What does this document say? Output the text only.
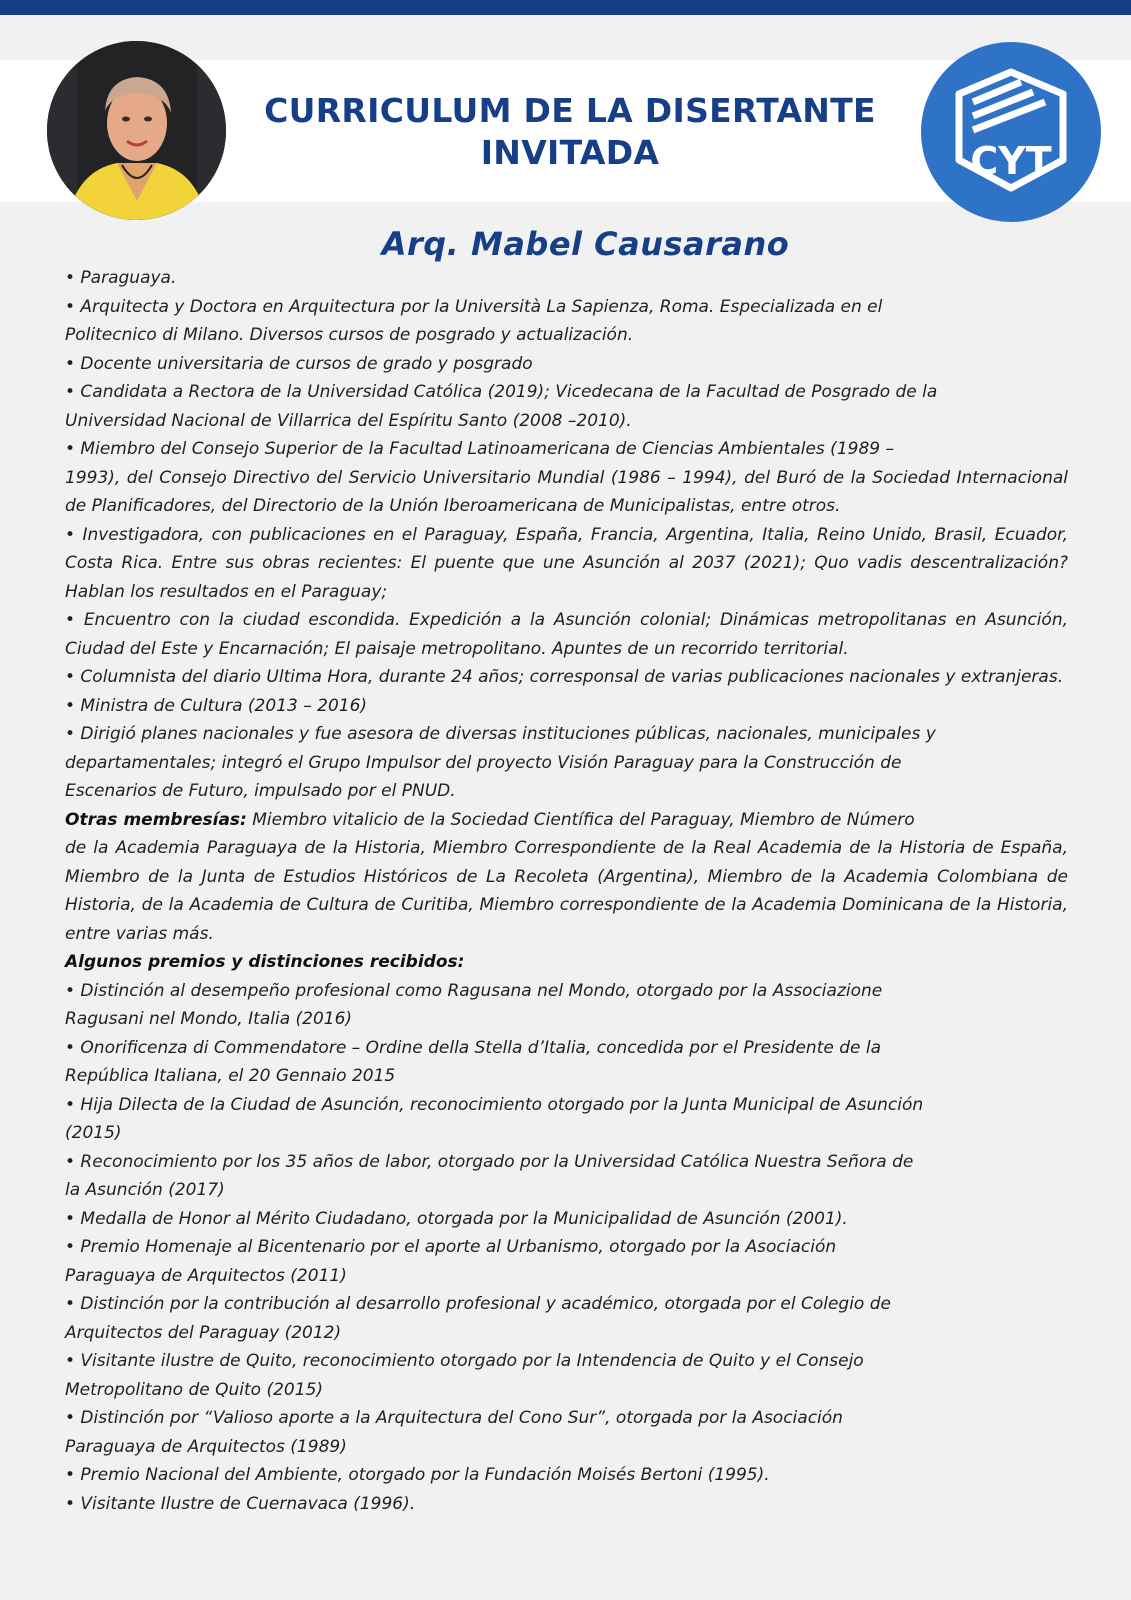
CYT
CURRICULUM DE LA DISERTANTE INVITADA
Arq. Mabel Causarano

• Paraguaya.

• Arquitecta y Doctora en Arquitectura por la Università La Sapienza, Roma. Especializada en el

Politecnico di Milano. Diversos cursos de posgrado y actualización.

• Docente universitaria de cursos de grado y posgrado

• Candidata a Rectora de la Universidad Católica (2019); Vicedecana de la Facultad de Posgrado de la

Universidad Nacional de Villarrica del Espíritu Santo (2008 –2010).

• Miembro del Consejo Superior de la Facultad Latinoamericana de Ciencias Ambientales (1989 –

1993), del Consejo Directivo del Servicio Universitario Mundial (1986 – 1994), del Buró de la Sociedad Internacional de Planificadores, del Directorio de la Unión Iberoamericana de Municipalistas, entre otros.

• Investigadora, con publicaciones en el Paraguay, España, Francia, Argentina, Italia, Reino Unido, Brasil, Ecuador, Costa Rica. Entre sus obras recientes: El puente que une Asunción al 2037 (2021); Quo vadis descentralización? Hablan los resultados en el Paraguay;

• Encuentro con la ciudad escondida. Expedición a la Asunción colonial; Dinámicas metropolitanas en Asunción, Ciudad del Este y Encarnación; El paisaje metropolitano. Apuntes de un recorrido territorial.

• Columnista del diario Ultima Hora, durante 24 años; corresponsal de varias publicaciones nacionales y extranjeras.

• Ministra de Cultura (2013 – 2016)

• Dirigió planes nacionales y fue asesora de diversas instituciones públicas, nacionales, municipales y

departamentales; integró el Grupo Impulsor del proyecto Visión Paraguay para la Construcción de

Escenarios de Futuro, impulsado por el PNUD.

Otras membresías: Miembro vitalicio de la Sociedad Científica del Paraguay, Miembro de Número

de la Academia Paraguaya de la Historia, Miembro Correspondiente de la Real Academia de la Historia de España, Miembro de la Junta de Estudios Históricos de La Recoleta (Argentina), Miembro de la Academia Colombiana de Historia, de la Academia de Cultura de Curitiba, Miembro correspondiente de la Academia Dominicana de la Historia, entre varias más.

Algunos premios y distinciones recibidos:

• Distinción al desempeño profesional como Ragusana nel Mondo, otorgado por la Associazione

Ragusani nel Mondo, Italia (2016)

• Onorificenza di Commendatore – Ordine della Stella d’Italia, concedida por el Presidente de la

República Italiana, el 20 Gennaio 2015

• Hija Dilecta de la Ciudad de Asunción, reconocimiento otorgado por la Junta Municipal de Asunción

(2015)

• Reconocimiento por los 35 años de labor, otorgado por la Universidad Católica Nuestra Señora de

la Asunción (2017)

• Medalla de Honor al Mérito Ciudadano, otorgada por la Municipalidad de Asunción (2001).

• Premio Homenaje al Bicentenario por el aporte al Urbanismo, otorgado por la Asociación

Paraguaya de Arquitectos (2011)

• Distinción por la contribución al desarrollo profesional y académico, otorgada por el Colegio de

Arquitectos del Paraguay (2012)

• Visitante ilustre de Quito, reconocimiento otorgado por la Intendencia de Quito y el Consejo

Metropolitano de Quito (2015)

• Distinción por “Valioso aporte a la Arquitectura del Cono Sur”, otorgada por la Asociación

Paraguaya de Arquitectos (1989)

• Premio Nacional del Ambiente, otorgado por la Fundación Moisés Bertoni (1995).

• Visitante Ilustre de Cuernavaca (1996).
